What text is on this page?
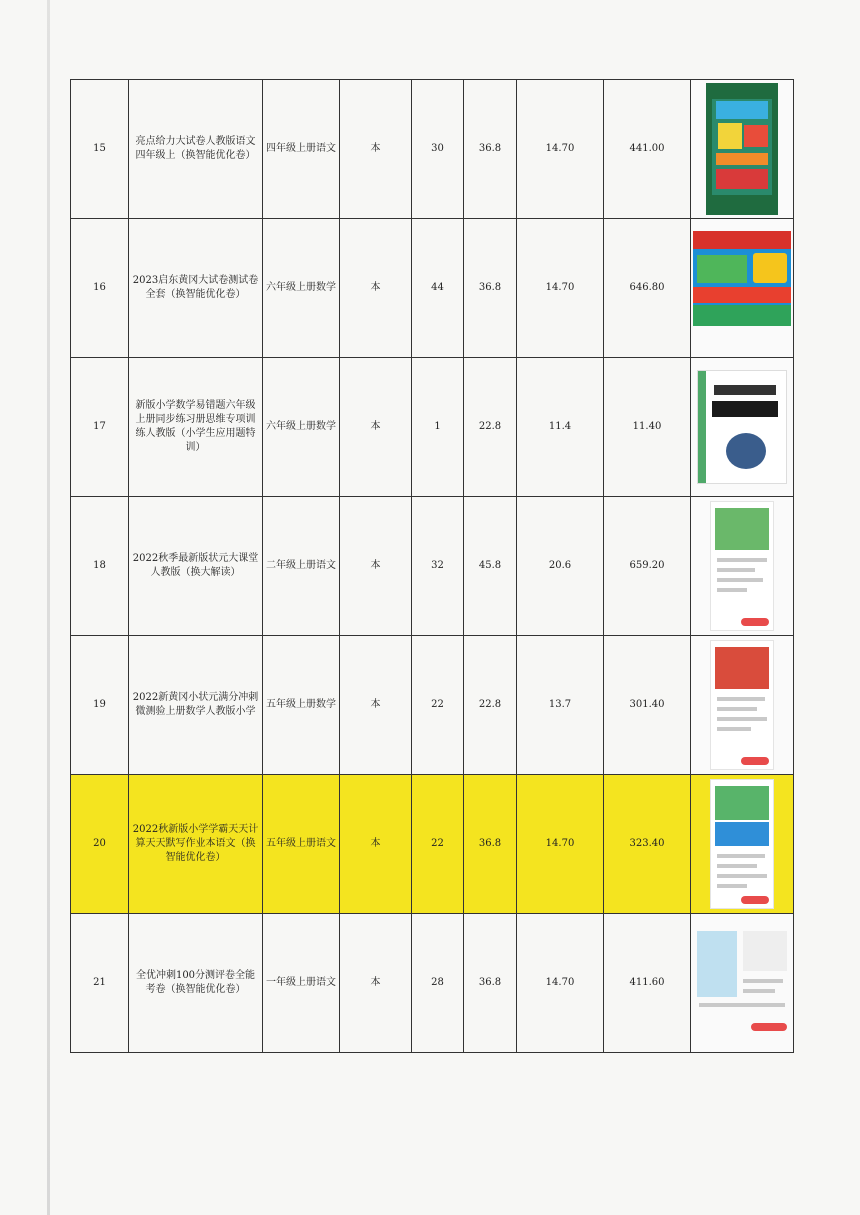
15	亮点给力大试卷人教版语文四年级上（换智能优化卷）	四年级上册语文	本	30	36.8	14.70	441.00	

16	2023启东黄冈大试卷测试卷全套（换智能优化卷）	六年级上册数学	本	44	36.8	14.70	646.80	

17	新版小学数学易错题六年级上册同步练习册思维专项训练人教版（小学生应用题特训）	六年级上册数学	本	1	22.8	11.4	11.40	

18	2022秋季最新版状元大课堂人教版（换大解读）	二年级上册语文	本	32	45.8	20.6	659.20	

19	2022新黄冈小状元满分冲刺微测验上册数学人教版小学	五年级上册数学	本	22	22.8	13.7	301.40	

20	2022秋新版小学学霸天天计算天天默写作业本语文（换智能优化卷）	五年级上册语文	本	22	36.8	14.70	323.40	

21	全优冲刺100分测评卷全能考卷（换智能优化卷）	一年级上册语文	本	28	36.8	14.70	411.60	
